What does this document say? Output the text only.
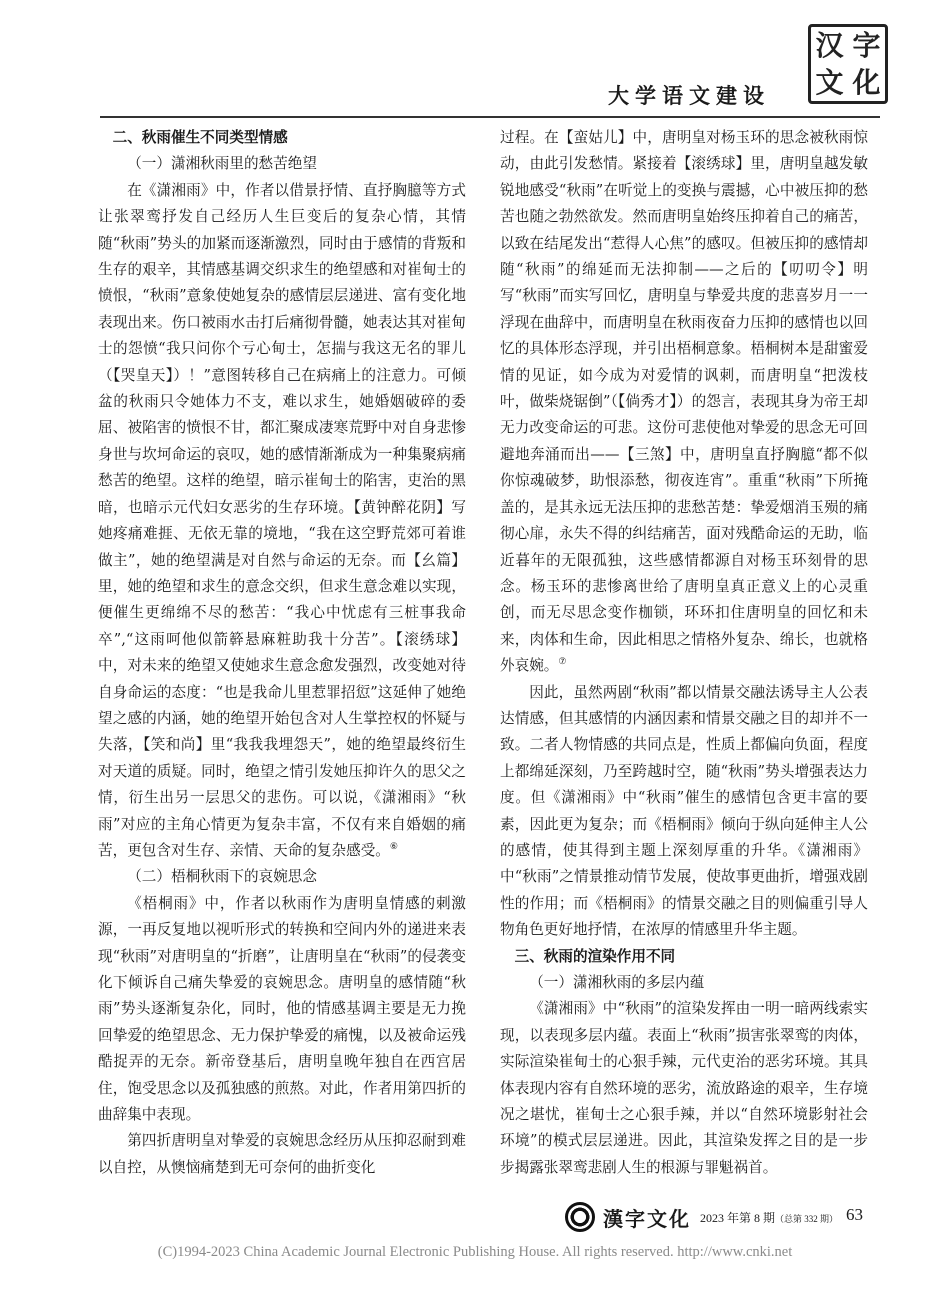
大学语文建设
汉 字
文 化
二、秋雨催生不同类型情感
（一）潇湘秋雨里的愁苦绝望

在《潇湘雨》中，作者以借景抒情、直抒胸臆等方式让张翠鸾抒发自己经历人生巨变后的复杂心情，其情随“秋雨”势头的加紧而逐渐激烈，同时由于感情的背叛和生存的艰辛，其情感基调交织求生的绝望感和对崔甸士的愤恨，“秋雨”意象使她复杂的感情层层递进、富有变化地表现出来。伤口被雨水击打后痛彻骨髓，她表达其对崔甸士的怨愤“我只问你个亏心甸士，怎揣与我这无名的罪儿（【哭皇天】）！”意图转移自己在病痛上的注意力。可倾盆的秋雨只令她体力不支，难以求生，她婚姻破碎的委屈、被陷害的愤恨不甘，都汇聚成凄寒荒野中对自身悲惨身世与坎坷命运的哀叹，她的感情渐渐成为一种集聚病痛愁苦的绝望。这样的绝望，暗示崔甸士的陷害，吏治的黑暗，也暗示元代妇女恶劣的生存环境。【黄钟醉花阴】写她疼痛难捱、无依无靠的境地，“我在这空野荒郊可着谁做主”，她的绝望满是对自然与命运的无奈。而【幺篇】里，她的绝望和求生的意念交织，但求生意念难以实现，便催生更绵绵不尽的愁苦：“我心中忧虑有三桩事我命卒”,“这雨呵他似箭簳悬麻粧助我十分苦”。【滚绣球】中，对未来的绝望又使她求生意念愈发强烈，改变她对待自身命运的态度：“也是我命儿里惹罪招愆”这延伸了她绝望之感的内涵，她的绝望开始包含对人生掌控权的怀疑与失落，【笑和尚】里“我我我埋怨天”，她的绝望最终衍生对天道的质疑。同时，绝望之情引发她压抑许久的思父之情，衍生出另一层思父的悲伤。可以说，《潇湘雨》“秋雨”对应的主角心情更为复杂丰富，不仅有来自婚姻的痛苦，更包含对生存、亲情、天命的复杂感受。⑥

（二）梧桐秋雨下的哀婉思念

《梧桐雨》中，作者以秋雨作为唐明皇情感的刺激源，一再反复地以视听形式的转换和空间内外的递进来表现“秋雨”对唐明皇的“折磨”，让唐明皇在“秋雨”的侵袭变化下倾诉自己痛失挚爱的哀婉思念。唐明皇的感情随“秋雨”势头逐渐复杂化，同时，他的情感基调主要是无力挽回挚爱的绝望思念、无力保护挚爱的痛愧，以及被命运残酷捉弄的无奈。新帝登基后，唐明皇晚年独自在西宫居住，饱受思念以及孤独感的煎熬。对此，作者用第四折的曲辞集中表现。

第四折唐明皇对挚爱的哀婉思念经历从压抑忍耐到难以自控，从懊恼痛楚到无可奈何的曲折变化

过程。在【蛮姑儿】中，唐明皇对杨玉环的思念被秋雨惊动，由此引发愁情。紧接着【滚绣球】里，唐明皇越发敏锐地感受“秋雨”在听觉上的变换与震撼，心中被压抑的愁苦也随之勃然欲发。然而唐明皇始终压抑着自己的痛苦，以致在结尾发出“惹得人心焦”的感叹。但被压抑的感情却随“秋雨”的绵延而无法抑制——之后的【叨叨令】明写“秋雨”而实写回忆，唐明皇与挚爱共度的悲喜岁月一一浮现在曲辞中，而唐明皇在秋雨夜奋力压抑的感情也以回忆的具体形态浮现，并引出梧桐意象。梧桐树本是甜蜜爱情的见证，如今成为对爱情的讽刺，而唐明皇“把泼枝叶，做柴烧锯倒”（【倘秀才】）的怨言，表现其身为帝王却无力改变命运的可悲。这份可悲使他对挚爱的思念无可回避地奔涌而出——【三煞】中，唐明皇直抒胸臆“都不似你惊魂破梦，助恨添愁，彻夜连宵”。重重“秋雨”下所掩盖的，是其永远无法压抑的悲愁苦楚：挚爱烟消玉殒的痛彻心扉，永失不得的纠结痛苦，面对残酷命运的无助，临近暮年的无限孤独，这些感情都源自对杨玉环刻骨的思念。杨玉环的悲惨离世给了唐明皇真正意义上的心灵重创，而无尽思念变作枷锁，环环扣住唐明皇的回忆和未来，肉体和生命，因此相思之情格外复杂、绵长，也就格外哀婉。⑦

因此，虽然两剧“秋雨”都以情景交融法诱导主人公表达情感，但其感情的内涵因素和情景交融之目的却并不一致。二者人物情感的共同点是，性质上都偏向负面，程度上都绵延深刻，乃至跨越时空，随“秋雨”势头增强表达力度。但《潇湘雨》中“秋雨”催生的感情包含更丰富的要素，因此更为复杂；而《梧桐雨》倾向于纵向延伸主人公的感情，使其得到主题上深刻厚重的升华。《潇湘雨》中“秋雨”之情景推动情节发展，使故事更曲折，增强戏剧性的作用；而《梧桐雨》的情景交融之目的则偏重引导人物角色更好地抒情，在浓厚的情感里升华主题。

三、秋雨的渲染作用不同
（一）潇湘秋雨的多层内蕴

《潇湘雨》中“秋雨”的渲染发挥由一明一暗两线索实现，以表现多层内蕴。表面上“秋雨”损害张翠鸾的肉体，实际渲染崔甸士的心狠手辣，元代吏治的恶劣环境。其具体表现内容有自然环境的恶劣，流放路途的艰辛，生存境况之堪忧，崔甸士之心狠手辣，并以“自然环境影射社会环境”的模式层层递进。因此，其渲染发挥之目的是一步步揭露张翠鸾悲剧人生的根源与罪魁祸首。

漢字文化 2023 年第 8 期（总第 332 期） 63
(C)1994-2023 China Academic Journal Electronic Publishing House. All rights reserved. http://www.cnki.net
